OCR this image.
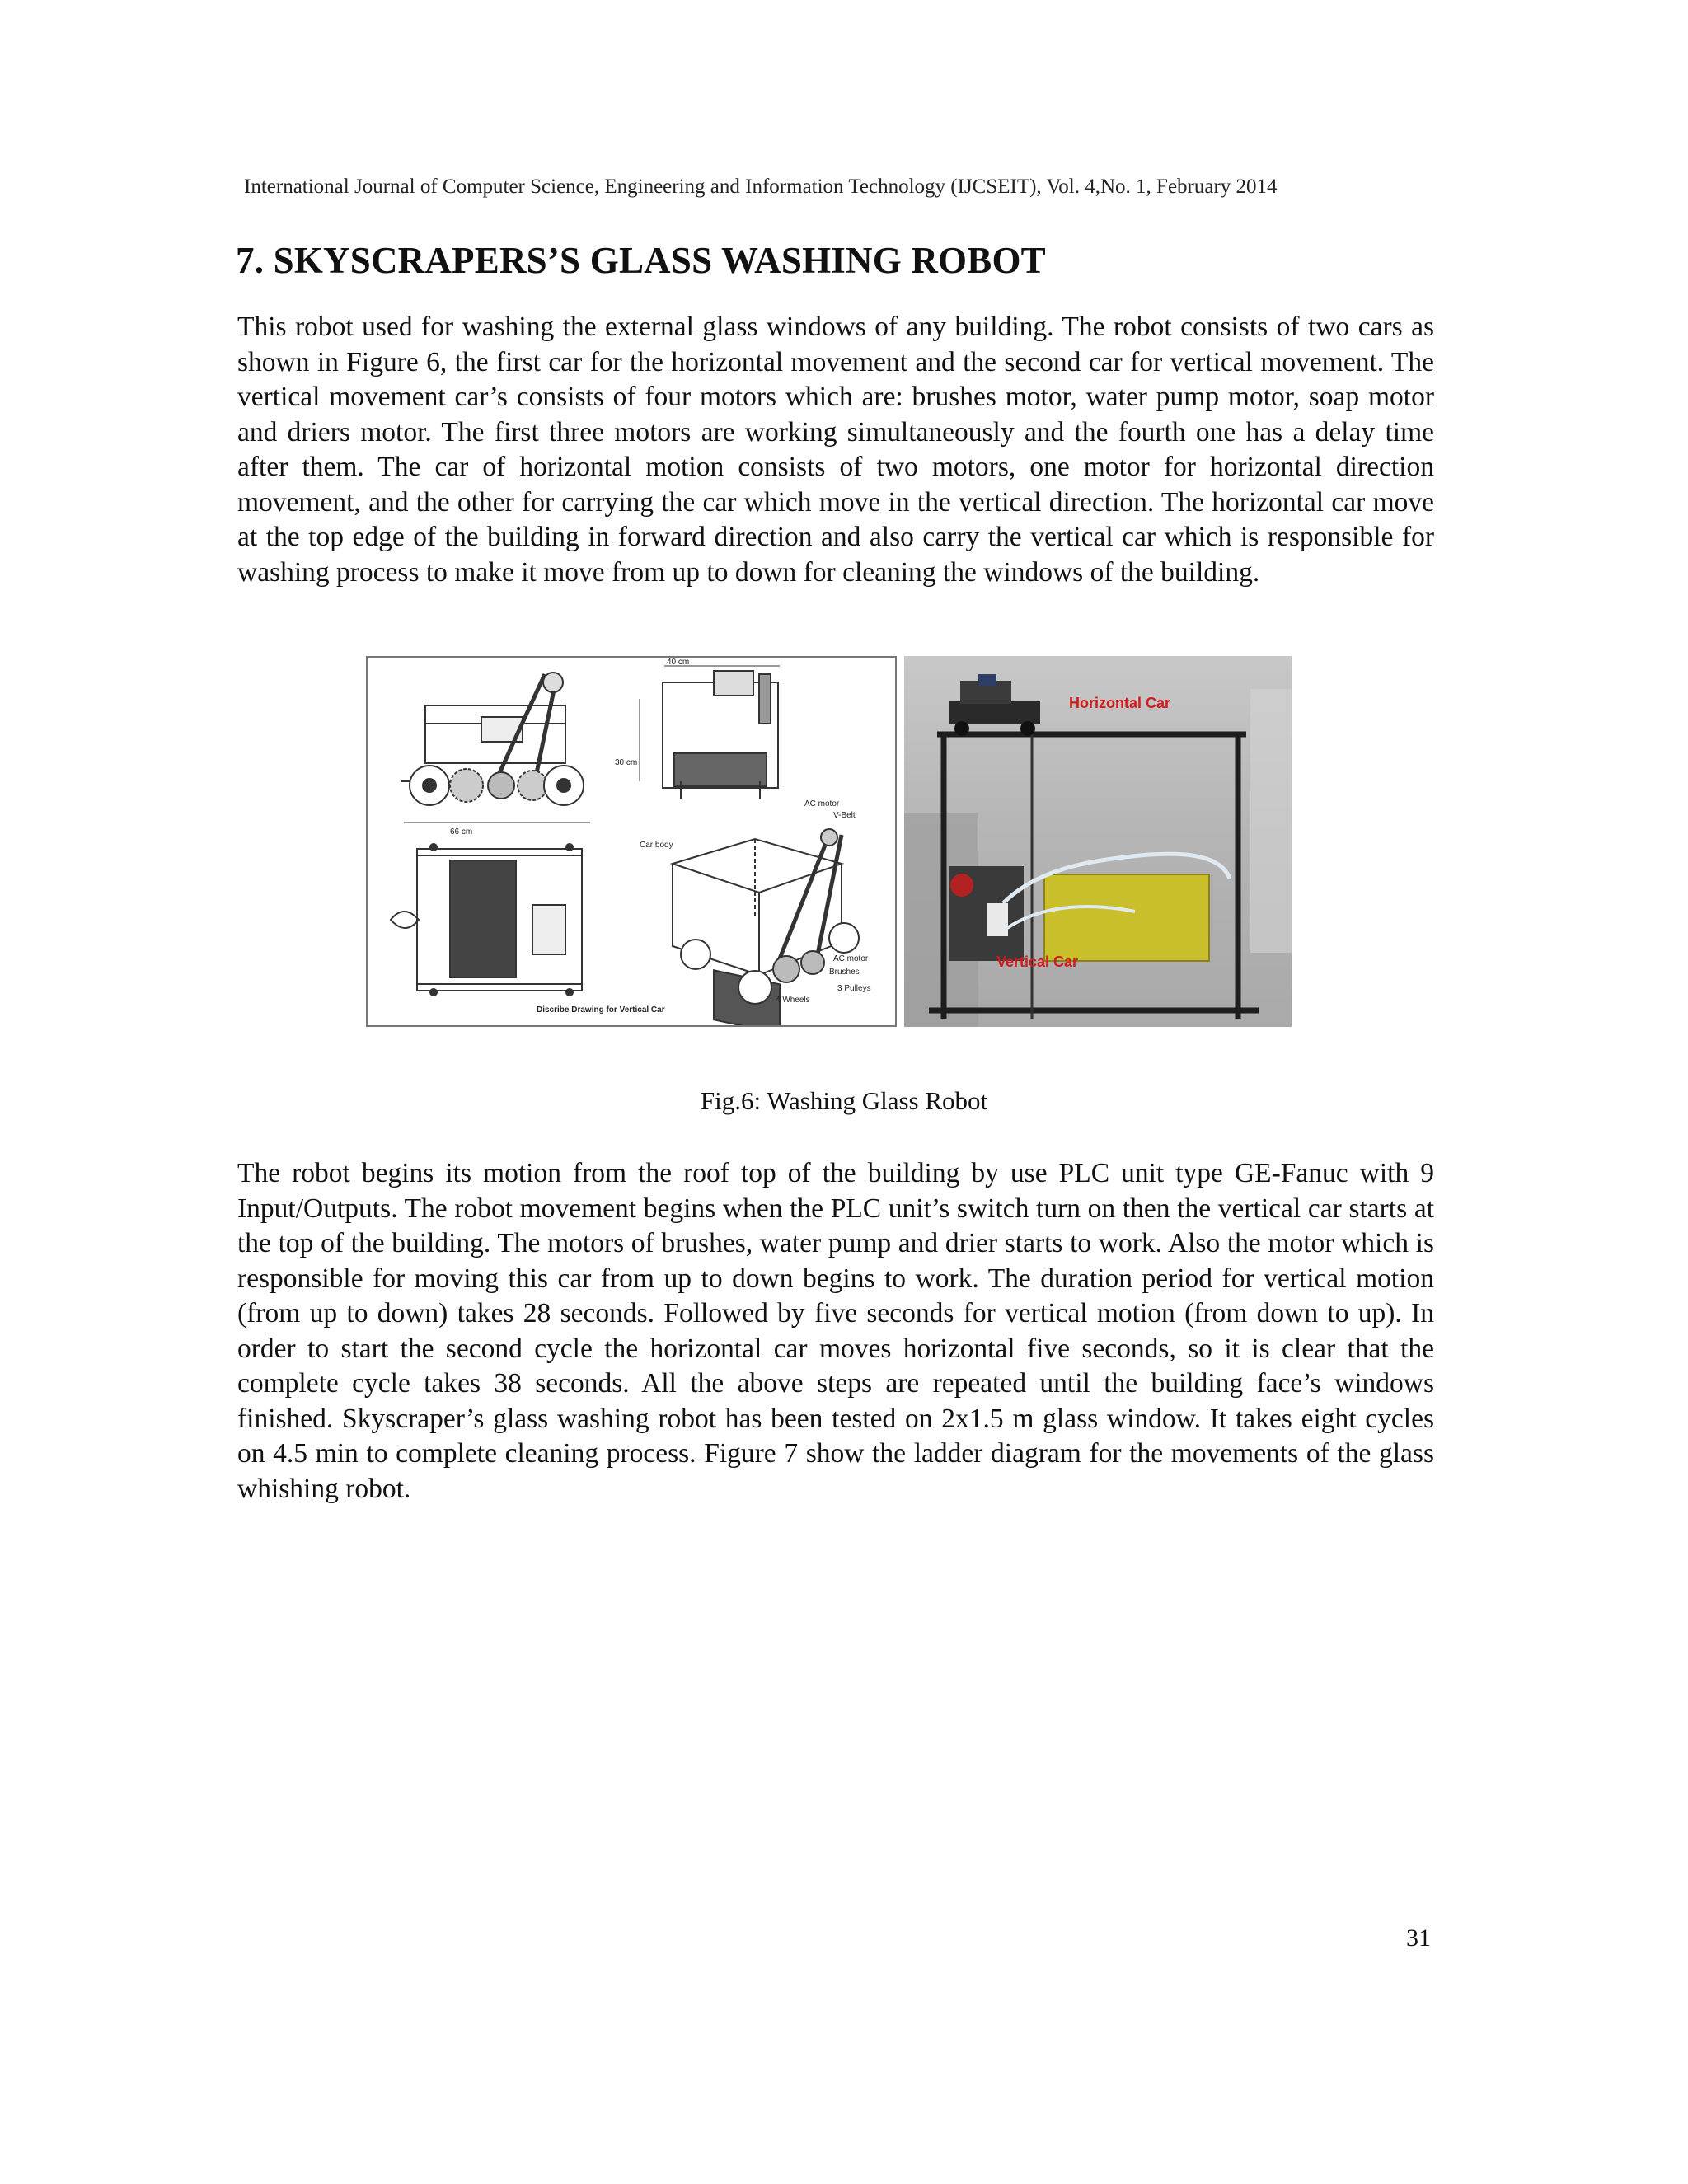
International Journal of Computer Science, Engineering and Information Technology (IJCSEIT), Vol. 4,No. 1, February 2014
7. SKYSCRAPERS’S GLASS WASHING ROBOT

This robot used for washing the external glass windows of any building. The robot consists of two cars as shown in Figure 6, the first car for the horizontal movement and the second car for vertical movement. The vertical movement car’s consists of four motors which are: brushes motor, water pump motor, soap motor and driers motor. The first three motors are working simultaneously and the fourth one has a delay time after them. The car of horizontal motion consists of two motors, one motor for horizontal direction movement, and the other for carrying the car which move in the vertical direction. The horizontal car move at the top edge of the building in forward direction and also carry the vertical car which is responsible for washing process to make it move from up to down for cleaning the windows of the building.

40 cm
30 cm
66 cm
AC motor
V-Belt
Car body
AC motor
Brushes
3 Pulleys
4 Wheels
Discribe Drawing for Vertical Car
Horizontal Car
Vertical Car
Fig.6: Washing Glass Robot

The robot begins its motion from the roof top of the building by use PLC unit type GE-Fanuc with 9 Input/Outputs. The robot movement begins when the PLC unit’s switch turn on then the vertical car starts at the top of the building. The motors of brushes, water pump and drier starts to work. Also the motor which is responsible for moving this car from up to down begins to work. The duration period for vertical motion (from up to down) takes 28 seconds. Followed by five seconds for vertical motion (from down to up). In order to start the second cycle the horizontal car moves horizontal five seconds, so it is clear that the complete cycle takes 38 seconds. All the above steps are repeated until the building face’s windows finished. Skyscraper’s glass washing robot has been tested on 2x1.5 m glass window. It takes eight cycles on 4.5 min to complete cleaning process. Figure 7 show the ladder diagram for the movements of the glass whishing robot.

31
